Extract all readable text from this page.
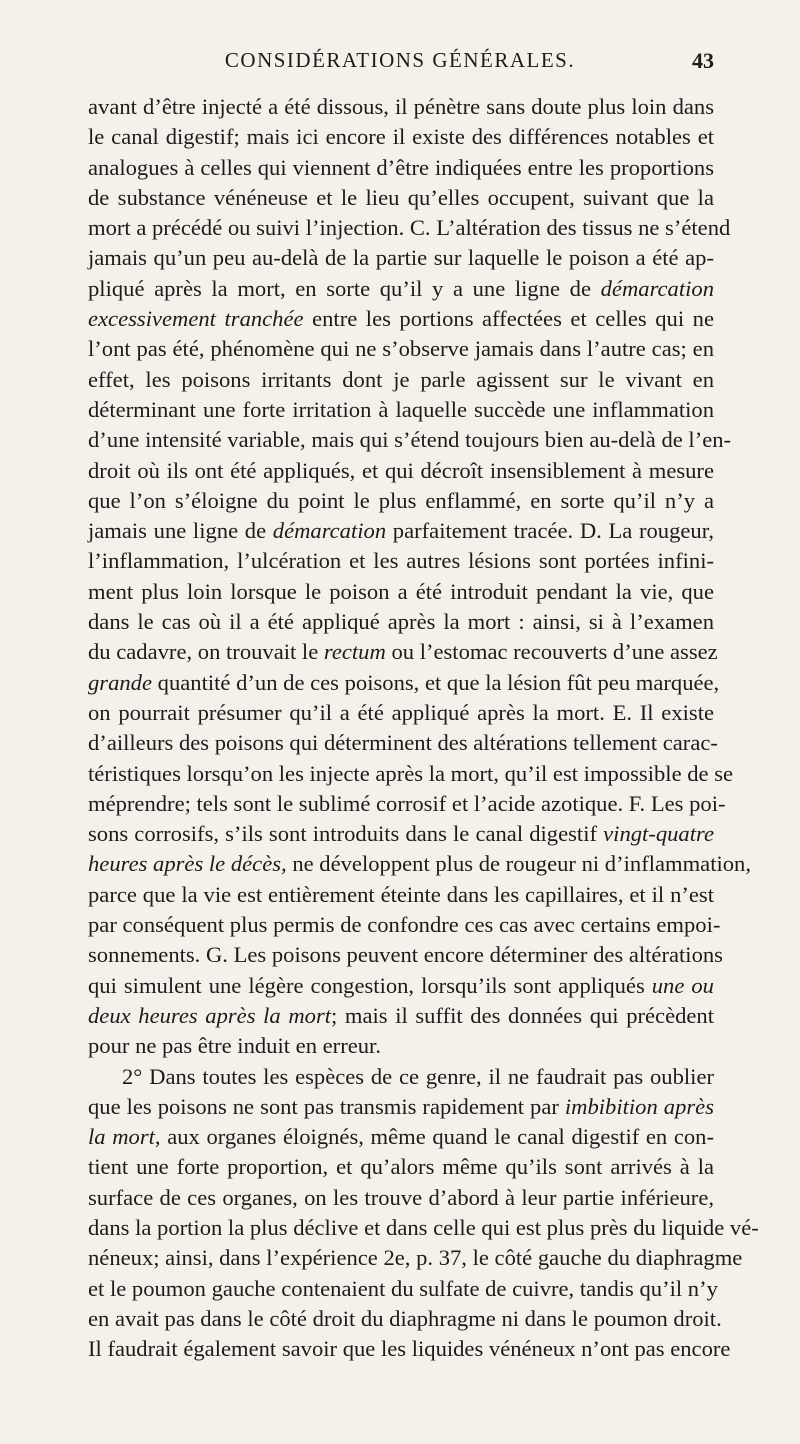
CONSIDÉRATIONS GÉNÉRALES.	43
avant d’être injecté a été dissous, il pénètre sans doute plus loin dans
le canal digestif; mais ici encore il existe des différences notables et
analogues à celles qui viennent d’être indiquées entre les proportions
de substance vénéneuse et le lieu qu’elles occupent, suivant que la
mort a précédé ou suivi l’injection. C. L’altération des tissus ne s’étend
jamais qu’un peu au-delà de la partie sur laquelle le poison a été ap-
pliqué après la mort, en sorte qu’il y a une ligne de démarcation
excessivement tranchée entre les portions affectées et celles qui ne
l’ont pas été, phénomène qui ne s’observe jamais dans l’autre cas; en
effet, les poisons irritants dont je parle agissent sur le vivant en
déterminant une forte irritation à laquelle succède une inflammation
d’une intensité variable, mais qui s’étend toujours bien au-delà de l’en-
droit où ils ont été appliqués, et qui décroît insensiblement à mesure
que l’on s’éloigne du point le plus enflammé, en sorte qu’il n’y a
jamais une ligne de démarcation parfaitement tracée. D. La rougeur,
l’inflammation, l’ulcération et les autres lésions sont portées infini-
ment plus loin lorsque le poison a été introduit pendant la vie, que
dans le cas où il a été appliqué après la mort : ainsi, si à l’examen
du cadavre, on trouvait le rectum ou l’estomac recouverts d’une assez
grande quantité d’un de ces poisons, et que la lésion fût peu marquée,
on pourrait présumer qu’il a été appliqué après la mort. E. Il existe
d’ailleurs des poisons qui déterminent des altérations tellement carac-
téristiques lorsqu’on les injecte après la mort, qu’il est impossible de se
méprendre; tels sont le sublimé corrosif et l’acide azotique. F. Les poi-
sons corrosifs, s’ils sont introduits dans le canal digestif vingt-quatre
heures après le décès, ne développent plus de rougeur ni d’inflammation,
parce que la vie est entièrement éteinte dans les capillaires, et il n’est
par conséquent plus permis de confondre ces cas avec certains empoi-
sonnements. G. Les poisons peuvent encore déterminer des altérations
qui simulent une légère congestion, lorsqu’ils sont appliqués une ou
deux heures après la mort; mais il suffit des données qui précèdent
pour ne pas être induit en erreur.
2° Dans toutes les espèces de ce genre, il ne faudrait pas oublier
que les poisons ne sont pas transmis rapidement par imbibition après
la mort, aux organes éloignés, même quand le canal digestif en con-
tient une forte proportion, et qu’alors même qu’ils sont arrivés à la
surface de ces organes, on les trouve d’abord à leur partie inférieure,
dans la portion la plus déclive et dans celle qui est plus près du liquide vé-
néneux; ainsi, dans l’expérience 2e, p. 37, le côté gauche du diaphragme
et le poumon gauche contenaient du sulfate de cuivre, tandis qu’il n’y
en avait pas dans le côté droit du diaphragme ni dans le poumon droit.
Il faudrait également savoir que les liquides vénéneux n’ont pas encore
